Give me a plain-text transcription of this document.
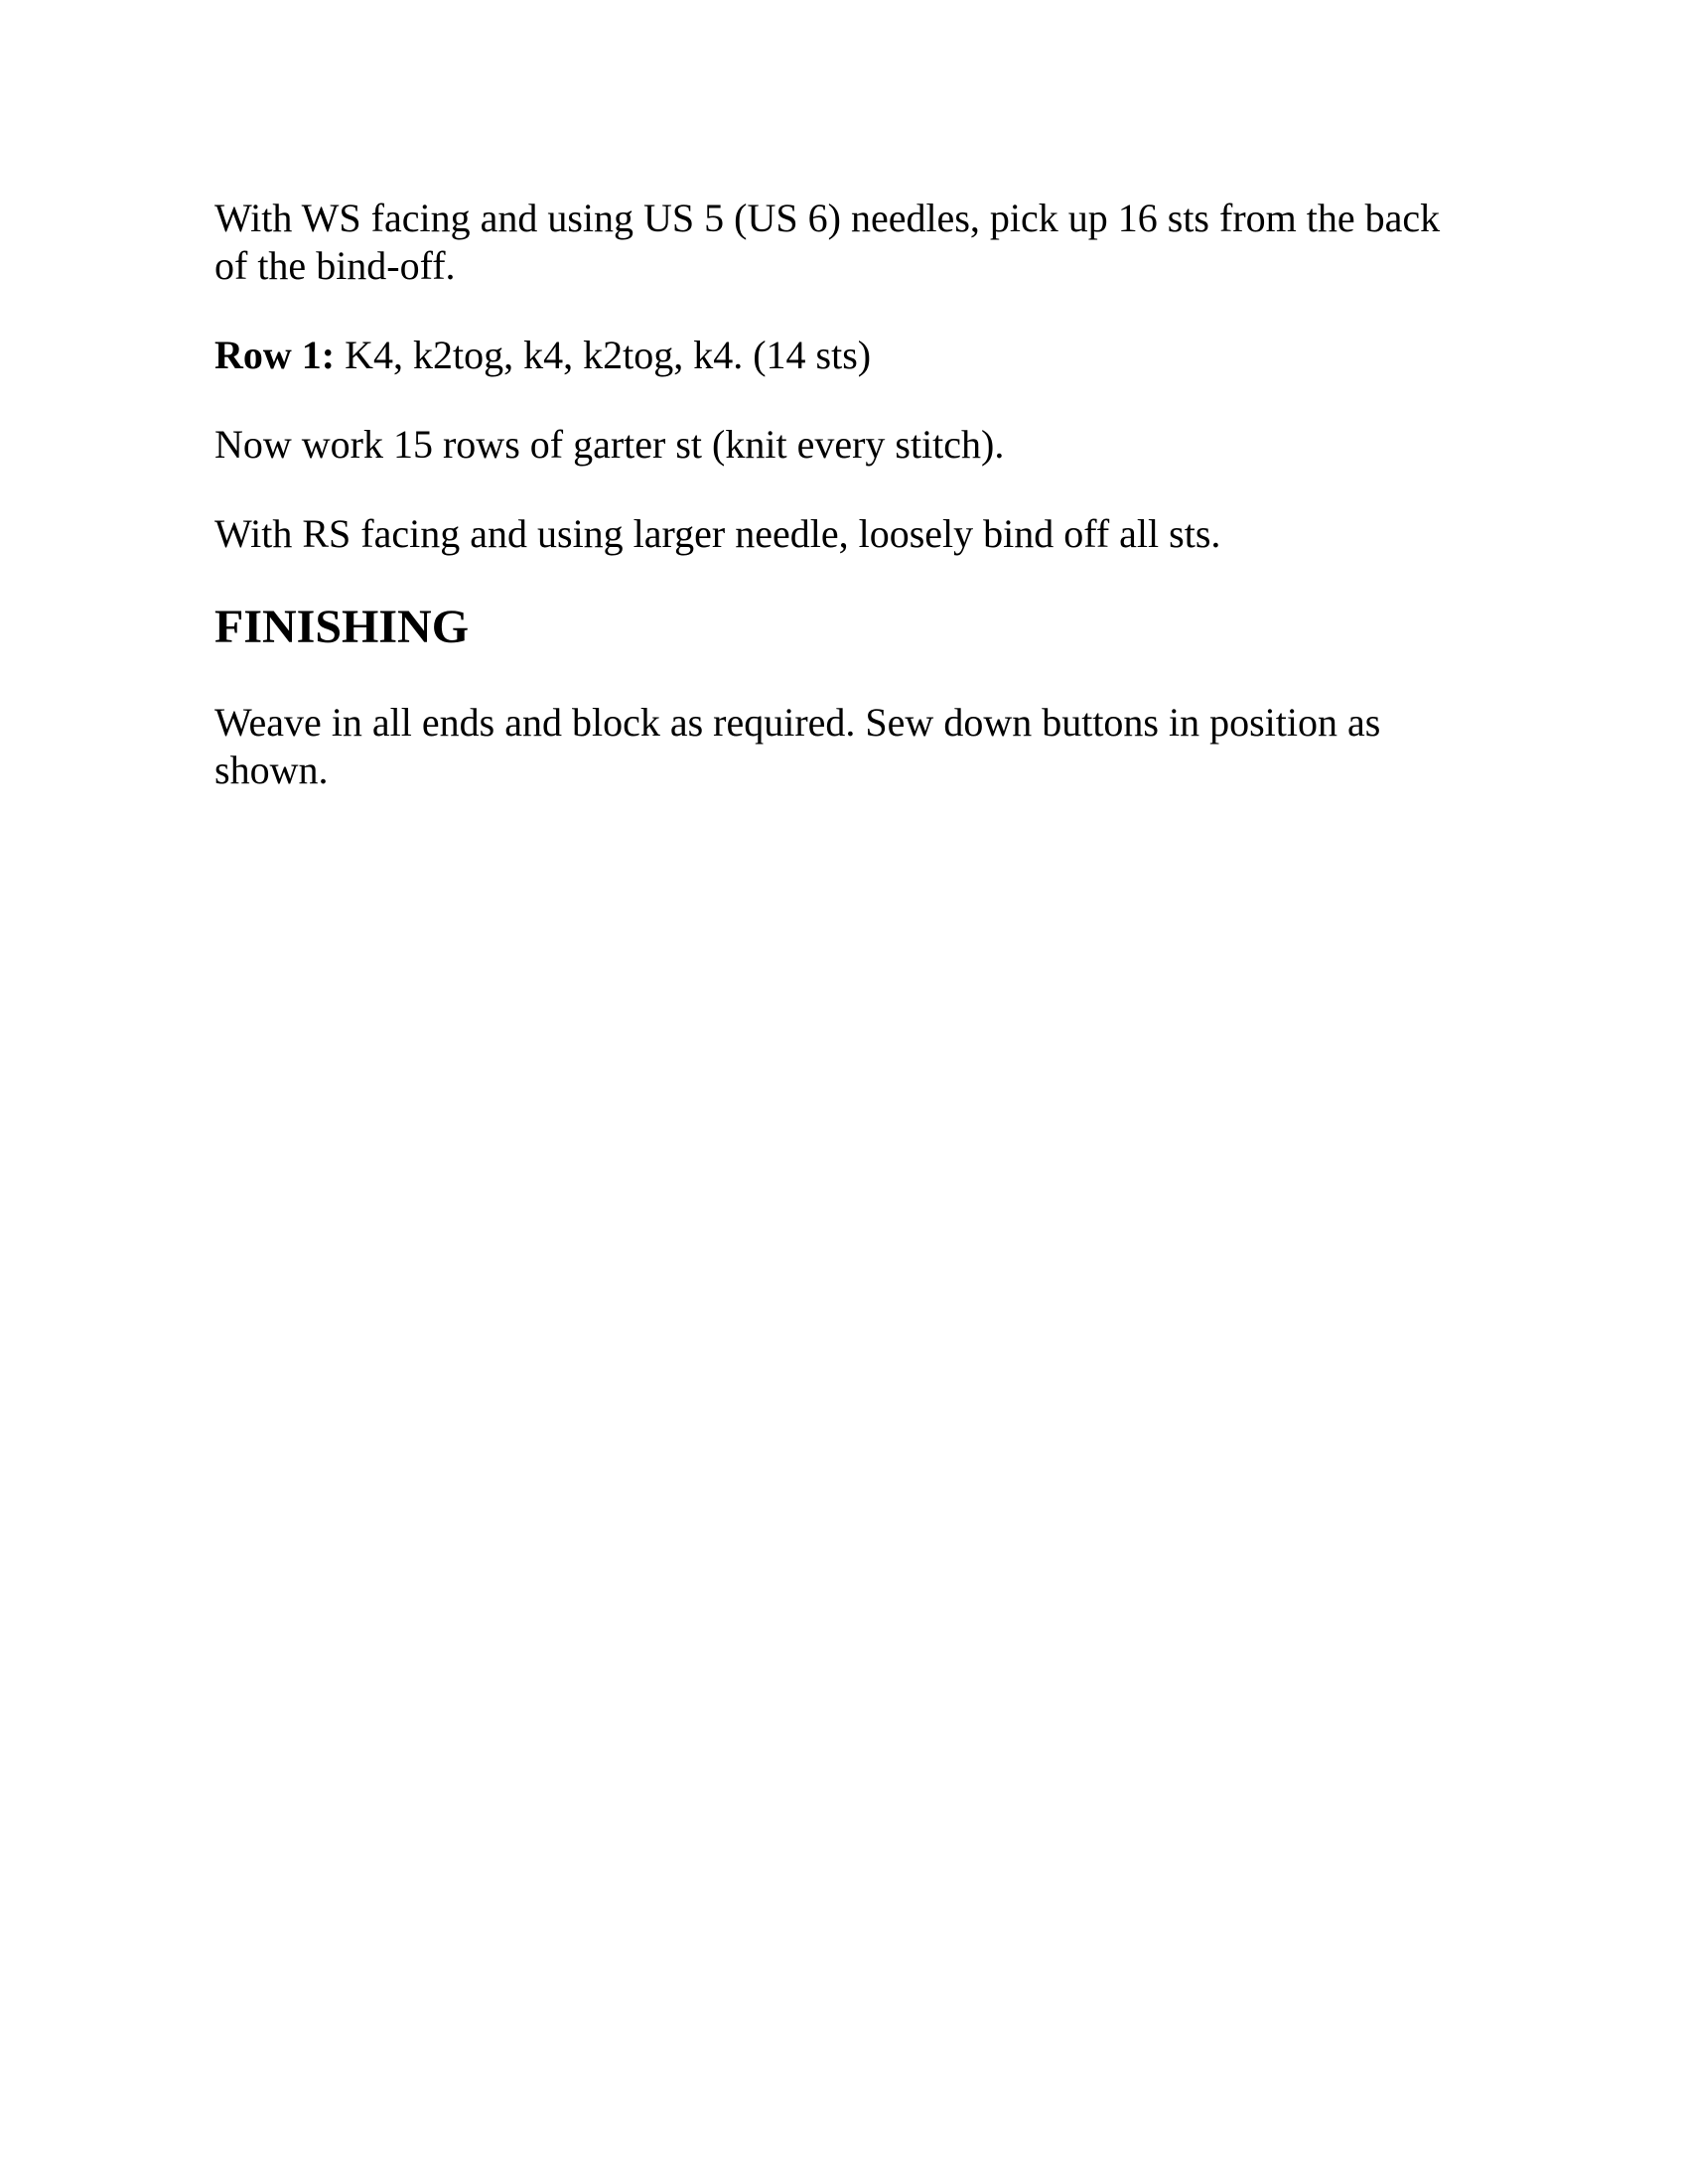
With WS facing and using US 5 (US 6) needles, pick up 16 sts from the back of the bind-off.

Row 1: K4, k2tog, k4, k2tog, k4. (14 sts)

Now work 15 rows of garter st (knit every stitch).

With RS facing and using larger needle, loosely bind off all sts.

FINISHING

Weave in all ends and block as required. Sew down buttons in position as shown.
